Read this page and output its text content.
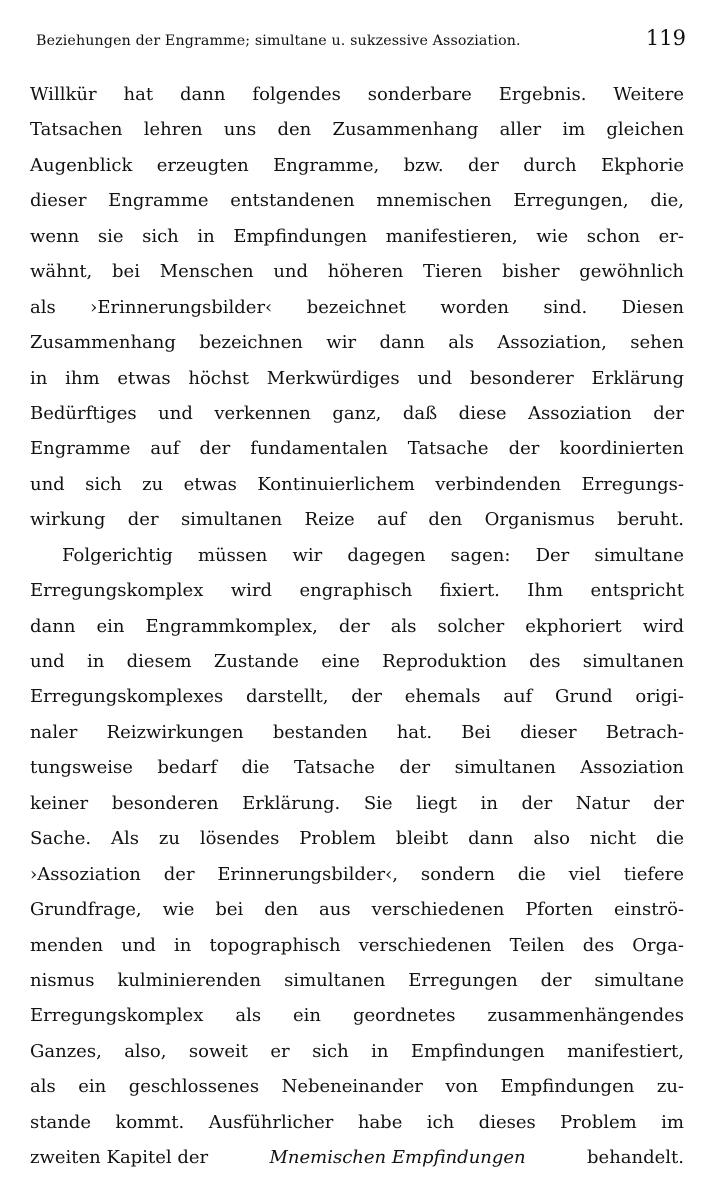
Beziehungen der Engramme; simultane u. sukzessive Assoziation.	119
Willkür hat dann folgendes sonderbare Ergebnis. Weitere
Tatsachen lehren uns den Zusammenhang aller im gleichen
Augenblick erzeugten Engramme, bzw. der durch Ekphorie
dieser Engramme entstandenen mnemischen Erregungen, die,
wenn sie sich in Empfindungen manifestieren, wie schon er-
wähnt, bei Menschen und höheren Tieren bisher gewöhnlich
als ›Erinnerungsbilder‹ bezeichnet worden sind. Diesen
Zusammenhang bezeichnen wir dann als Assoziation, sehen
in ihm etwas höchst Merkwürdiges und besonderer Erklärung
Bedürftiges und verkennen ganz, daß diese Assoziation der
Engramme auf der fundamentalen Tatsache der koordinierten
und sich zu etwas Kontinuierlichem verbindenden Erregungs-
wirkung der simultanen Reize auf den Organismus beruht.
Folgerichtig müssen wir dagegen sagen: Der simultane
Erregungskomplex wird engraphisch fixiert. Ihm entspricht
dann ein Engrammkomplex, der als solcher ekphoriert wird
und in diesem Zustande eine Reproduktion des simultanen
Erregungskomplexes darstellt, der ehemals auf Grund origi-
naler Reizwirkungen bestanden hat. Bei dieser Betrach-
tungsweise bedarf die Tatsache der simultanen Assoziation
keiner besonderen Erklärung. Sie liegt in der Natur der
Sache. Als zu lösendes Problem bleibt dann also nicht die
›Assoziation der Erinnerungsbilder‹, sondern die viel tiefere
Grundfrage, wie bei den aus verschiedenen Pforten einströ-
menden und in topographisch verschiedenen Teilen des Orga-
nismus kulminierenden simultanen Erregungen der simultane
Erregungskomplex als ein geordnetes zusammenhängendes
Ganzes, also, soweit er sich in Empfindungen manifestiert,
als ein geschlossenes Nebeneinander von Empfindungen zu-
stande kommt. Ausführlicher habe ich dieses Problem im
zweiten Kapitel der	Mnemischen Empfindungen	behandelt.
